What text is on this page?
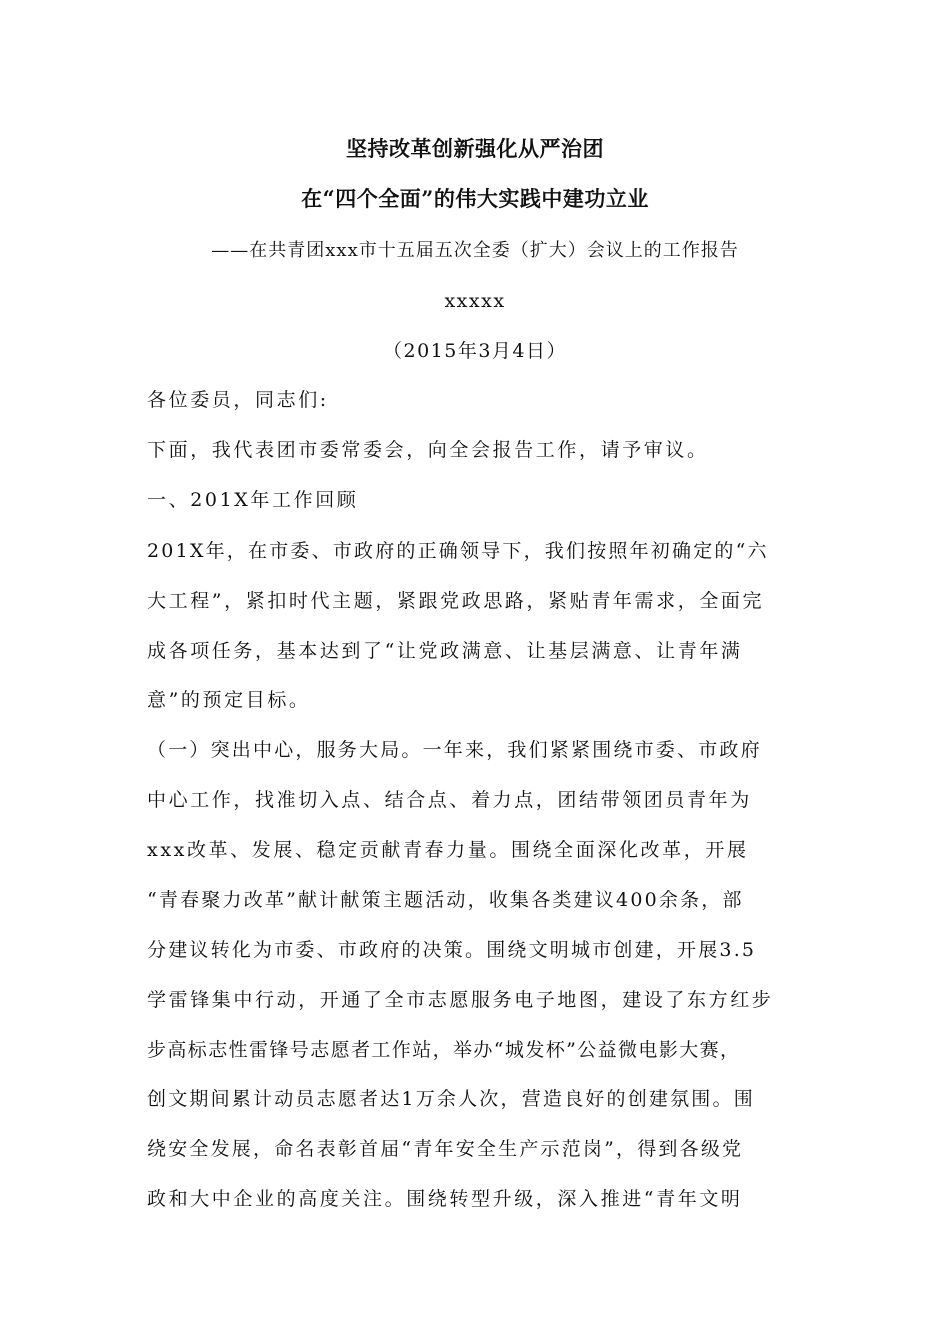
坚持改革创新强化从严治团
在“四个全面”的伟大实践中建功立业
——在共青团xxx市十五届五次全委（扩大）会议上的工作报告
xxxxx
（2015年3月4日）
各位委员，同志们:
下面，我代表团市委常委会，向全会报告工作，请予审议。
一、201X年工作回顾
201X年，在市委、市政府的正确领导下，我们按照年初确定的“六
大工程”，紧扣时代主题，紧跟党政思路，紧贴青年需求，全面完
成各项任务，基本达到了“让党政满意、让基层满意、让青年满
意”的预定目标。
（一）突出中心，服务大局。一年来，我们紧紧围绕市委、市政府
中心工作，找准切入点、结合点、着力点，团结带领团员青年为
xxx改革、发展、稳定贡献青春力量。围绕全面深化改革，开展
“青春聚力改革”献计献策主题活动，收集各类建议400余条，部
分建议转化为市委、市政府的决策。围绕文明城市创建，开展3.5
学雷锋集中行动，开通了全市志愿服务电子地图，建设了东方红步
步高标志性雷锋号志愿者工作站，举办“城发杯”公益微电影大赛，
创文期间累计动员志愿者达1万余人次，营造良好的创建氛围。围
绕安全发展，命名表彰首届“青年安全生产示范岗”，得到各级党
政和大中企业的高度关注。围绕转型升级，深入推进“青年文明
